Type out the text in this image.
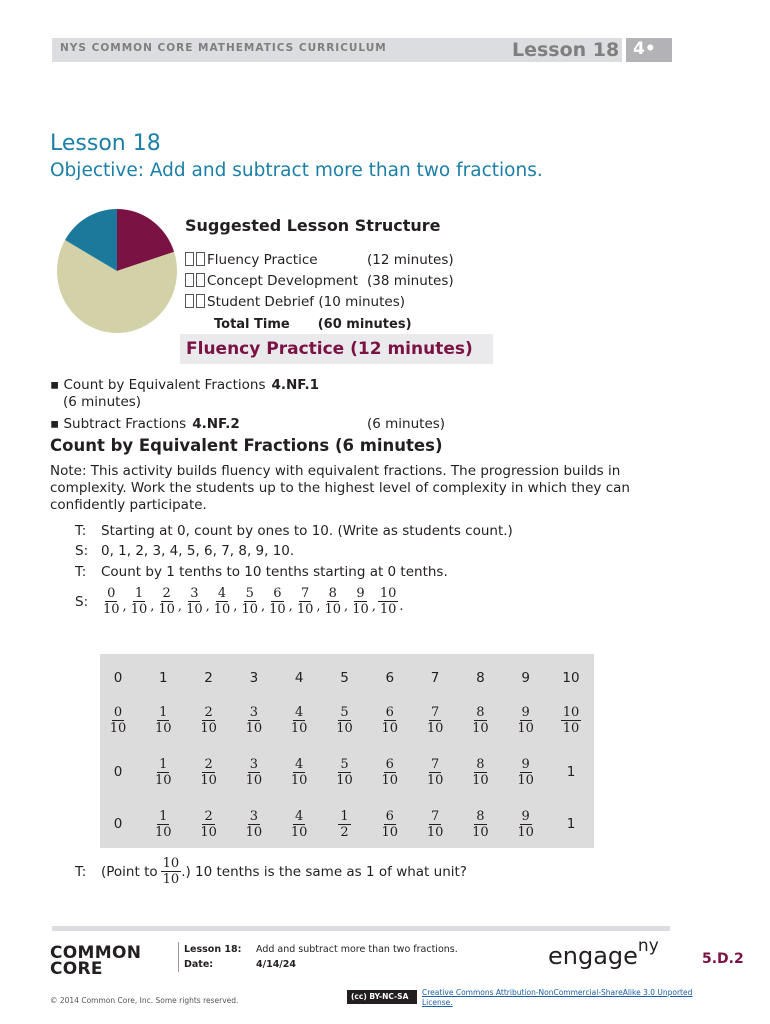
NYS COMMON CORE MATHEMATICS CURRICULUM	Lesson 18 4•
Lesson 18
Objective: Add and subtract more than two fractions.
Suggested Lesson Structure
Fluency Practice	(12 minutes)
Concept Development (38 minutes)
Student Debrief (10 minutes)
Total Time (60 minutes)
Fluency Practice (12 minutes)
▪ Count by Equivalent Fractions 4.NF.1
(6 minutes)
▪ Subtract Fractions 4.NF.2	(6 minutes)
Count by Equivalent Fractions (6 minutes)
Note: This activity builds fluency with equivalent fractions. The progression builds in complexity. Work the students up to the highest level of complexity in which they can confidently participate.
T: Starting at 0, count by ones to 10. (Write as students count.)
S: 0, 1, 2, 3, 4, 5, 6, 7, 8, 9, 10.
T: Count by 1 tenths to 10 tenths starting at 0 tenths.
S: $\frac{0}{10}$ , $\frac{1}{10}$ , $\frac{2}{10}$ , $\frac{3}{10}$ , $\frac{4}{10}$ , $\frac{5}{10}$ , $\frac{6}{10}$ , $\frac{7}{10}$ , $\frac{8}{10}$ , $\frac{9}{10}$ , $\frac{10}{10}$ .
0	1	2	3	4	5	6	7	8	9	10
$\frac{0}{10} \frac{1}{10} \frac{2}{10} \frac{3}{10} \frac{4}{10} \frac{5}{10} \frac{6}{10} \frac{7}{10} \frac{8}{10} \frac{9}{10} \frac{10}{10}$
0	$\frac{1}{10} \frac{2}{10} \frac{3}{10} \frac{4}{10} \frac{5}{10} \frac{6}{10} \frac{7}{10} \frac{8}{10} \frac{9}{10}$	1
0	$\frac{1}{10} \frac{2}{10} \frac{3}{10} \frac{4}{10} \frac{1}{2} \frac{6}{10} \frac{7}{10} \frac{8}{10} \frac{9}{10}$	1
T:	(Point to $\frac{10}{10}$ .) 10 tenths is the same as 1 of what unit?
COMMON
CORE
Lesson 18:
Date:
Add and subtract more than two fractions.
4/14/24	engage$^{ny}$
5.D.2
© 2014 Common Core, Inc. Some rights reserved.	(cc) BY-NC-SA	Creative Commons Attribution-NonCommercial-ShareAlike 3.0 Unported License.
